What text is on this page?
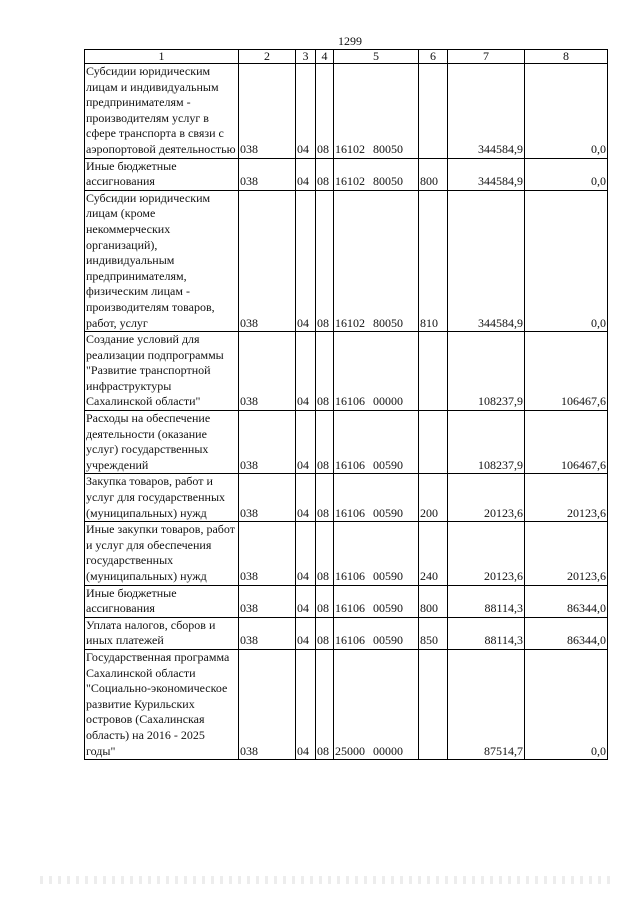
1299
1	2	3	4	5	6	7	8
Субсидии юридическим лицам и индивидуальным предпринимателям - производителям услуг в сфере транспорта в связи с аэропортовой деятельностью	038	04	08	16102 80050		344584,9	0,0
Иные бюджетные ассигнования	038	04	08	16102 80050	800	344584,9	0,0
Субсидии юридическим лицам (кроме некоммерческих организаций), индивидуальным предпринимателям, физическим лицам - производителям товаров, работ, услуг	038	04	08	16102 80050	810	344584,9	0,0
Создание условий для реализации подпрограммы "Развитие транспортной инфраструктуры Сахалинской области"	038	04	08	16106 00000		108237,9	106467,6
Расходы на обеспечение деятельности (оказание услуг) государственных учреждений	038	04	08	16106 00590		108237,9	106467,6
Закупка товаров, работ и услуг для государственных (муниципальных) нужд	038	04	08	16106 00590	200	20123,6	20123,6
Иные закупки товаров, работ и услуг для обеспечения государственных (муниципальных) нужд	038	04	08	16106 00590	240	20123,6	20123,6
Иные бюджетные ассигнования	038	04	08	16106 00590	800	88114,3	86344,0
Уплата налогов, сборов и иных платежей	038	04	08	16106 00590	850	88114,3	86344,0
Государственная программа Сахалинской области "Социально-экономическое развитие Курильских островов (Сахалинская область) на 2016 - 2025 годы"	038	04	08	25000 00000		87514,7	0,0
